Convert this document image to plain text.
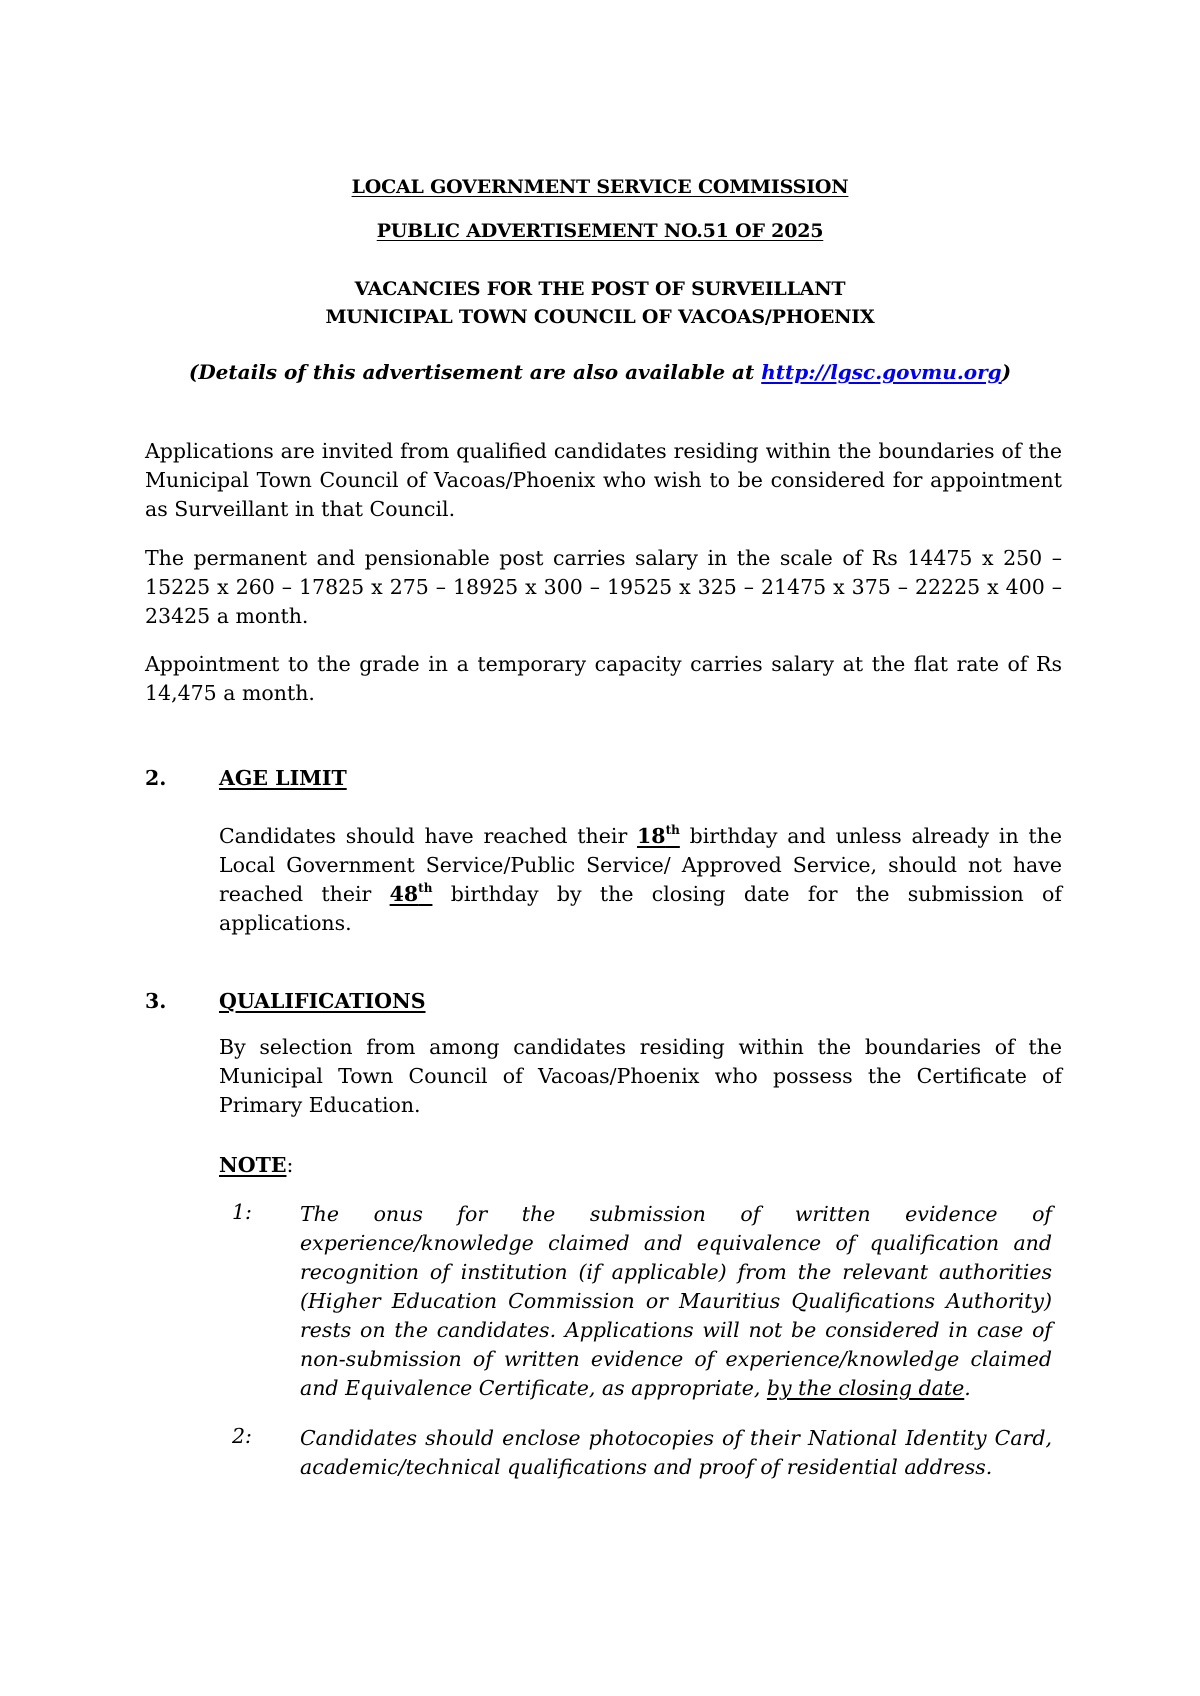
LOCAL GOVERNMENT SERVICE COMMISSION
PUBLIC ADVERTISEMENT NO.51 OF 2025
VACANCIES FOR THE POST OF SURVEILLANT
MUNICIPAL TOWN COUNCIL OF VACOAS/PHOENIX
(Details of this advertisement are also available at http://lgsc.govmu.org)

Applications are invited from qualified candidates residing within the boundaries of the Municipal Town Council of Vacoas/Phoenix who wish to be considered for appointment as Surveillant in that Council.

The permanent and pensionable post carries salary in the scale of Rs 14475 x 250 – 15225 x 260 – 17825 x 275 – 18925 x 300 – 19525 x 325 – 21475 x 375 – 22225 x 400 – 23425 a month.

Appointment to the grade in a temporary capacity carries salary at the flat rate of Rs 14,475 a month.

2.	AGE LIMIT

Candidates should have reached their 18th birthday and unless already in the Local Government Service/Public Service/ Approved Service, should not have reached their 48th birthday by the closing date for the submission of applications.

3.	QUALIFICATIONS

By selection from among candidates residing within the boundaries of the Municipal Town Council of Vacoas/Phoenix who possess the Certificate of Primary Education.

NOTE:
1: The onus for the submission of written evidence of experience/knowledge claimed and equivalence of qualification and recognition of institution (if applicable) from the relevant authorities (Higher Education Commission or Mauritius Qualifications Authority) rests on the candidates. Applications will not be considered in case of non-submission of written evidence of experience/knowledge claimed and Equivalence Certificate, as appropriate, by the closing date.

2: Candidates should enclose photocopies of their National Identity Card, academic/technical qualifications and proof of residential address.
